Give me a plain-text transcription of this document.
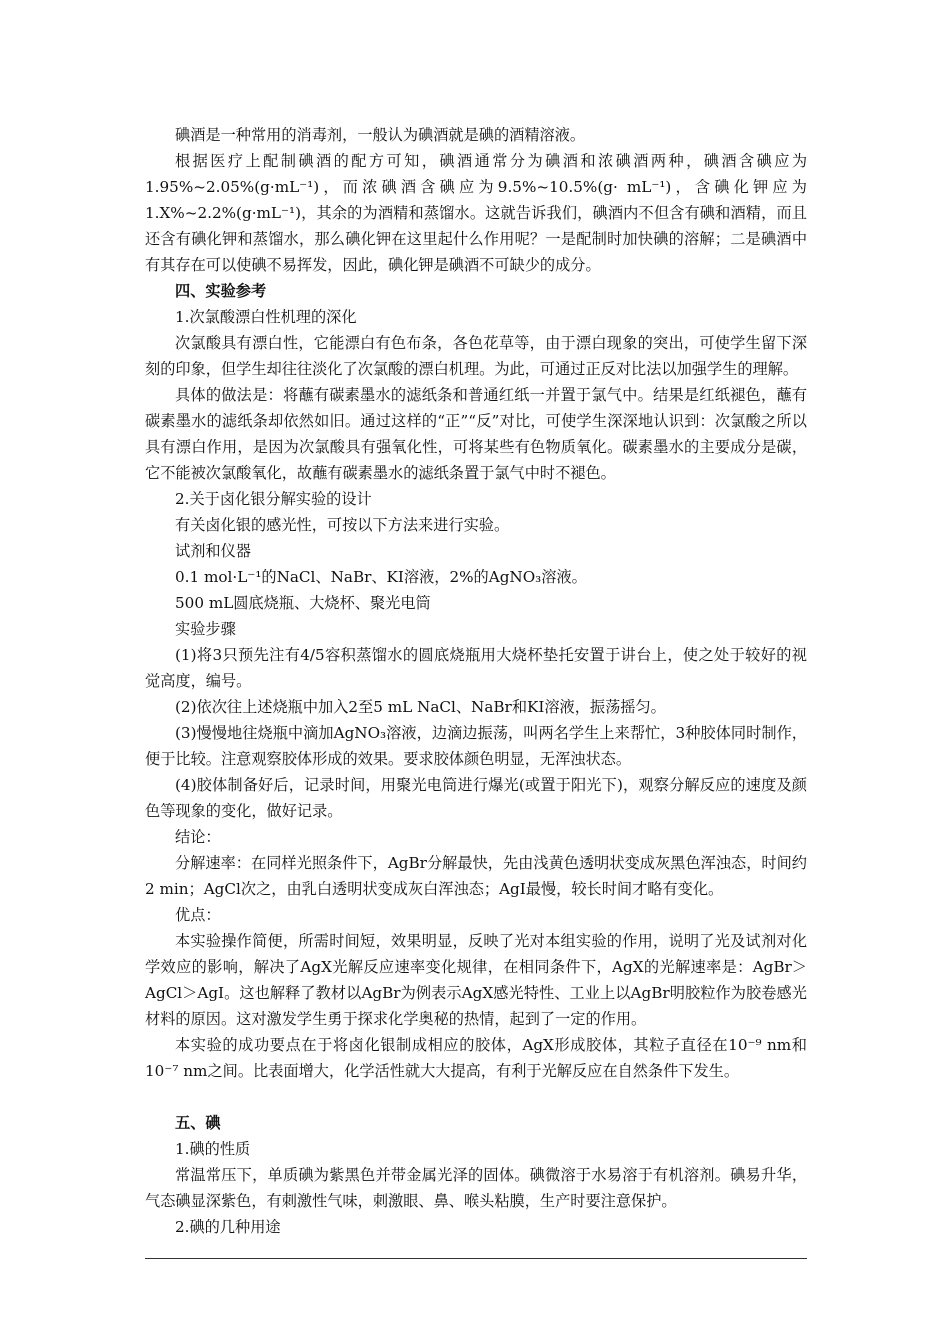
碘酒是一种常用的消毒剂，一般认为碘酒就是碘的酒精溶液。

根据医疗上配制碘酒的配方可知，碘酒通常分为碘酒和浓碘酒两种，碘酒含碘应为1.95%~2.05%(g·mL⁻¹)，而浓碘酒含碘应为9.5%~10.5%(g· mL⁻¹)，含碘化钾应为1.X%~2.2%(g·mL⁻¹)，其余的为酒精和蒸馏水。这就告诉我们，碘酒内不但含有碘和酒精，而且还含有碘化钾和蒸馏水，那么碘化钾在这里起什么作用呢？一是配制时加快碘的溶解；二是碘酒中有其存在可以使碘不易挥发，因此，碘化钾是碘酒不可缺少的成分。

四、实验参考

1.次氯酸漂白性机理的深化

次氯酸具有漂白性，它能漂白有色布条，各色花草等，由于漂白现象的突出，可使学生留下深刻的印象，但学生却往往淡化了次氯酸的漂白机理。为此，可通过正反对比法以加强学生的理解。

具体的做法是：将蘸有碳素墨水的滤纸条和普通红纸一并置于氯气中。结果是红纸褪色，蘸有碳素墨水的滤纸条却依然如旧。通过这样的“正”“反”对比，可使学生深深地认识到：次氯酸之所以具有漂白作用，是因为次氯酸具有强氧化性，可将某些有色物质氧化。碳素墨水的主要成分是碳，它不能被次氯酸氧化，故蘸有碳素墨水的滤纸条置于氯气中时不褪色。

2.关于卤化银分解实验的设计

有关卤化银的感光性，可按以下方法来进行实验。

试剂和仪器

0.1 mol·L⁻¹的NaCl、NaBr、KI溶液，2%的AgNO₃溶液。

500 mL圆底烧瓶、大烧杯、聚光电筒

实验步骤

(1)将3只预先注有4/5容积蒸馏水的圆底烧瓶用大烧杯垫托安置于讲台上，使之处于较好的视觉高度，编号。

(2)依次往上述烧瓶中加入2至5 mL NaCl、NaBr和KI溶液，振荡摇匀。

(3)慢慢地往烧瓶中滴加AgNO₃溶液，边滴边振荡，叫两名学生上来帮忙，3种胶体同时制作，便于比较。注意观察胶体形成的效果。要求胶体颜色明显，无浑浊状态。

(4)胶体制备好后，记录时间，用聚光电筒进行爆光(或置于阳光下)，观察分解反应的速度及颜色等现象的变化，做好记录。

结论：

分解速率：在同样光照条件下，AgBr分解最快，先由浅黄色透明状变成灰黑色浑浊态，时间约2 min；AgCl次之，由乳白透明状变成灰白浑浊态；AgI最慢，较长时间才略有变化。

优点：

本实验操作简便，所需时间短，效果明显，反映了光对本组实验的作用，说明了光及试剂对化学效应的影响，解决了AgX光解反应速率变化规律，在相同条件下，AgX的光解速率是：AgBr＞AgCl＞AgI。这也解释了教材以AgBr为例表示AgX感光特性、工业上以AgBr明胶粒作为胶卷感光材料的原因。这对激发学生勇于探求化学奥秘的热情，起到了一定的作用。

本实验的成功要点在于将卤化银制成相应的胶体，AgX形成胶体，其粒子直径在10⁻⁹ nm和10⁻⁷ nm之间。比表面增大，化学活性就大大提高，有利于光解反应在自然条件下发生。

五、碘

1.碘的性质

常温常压下，单质碘为紫黑色并带金属光泽的固体。碘微溶于水易溶于有机溶剂。碘易升华，气态碘显深紫色，有刺激性气味，刺激眼、鼻、喉头粘膜，生产时要注意保护。

2.碘的几种用途
